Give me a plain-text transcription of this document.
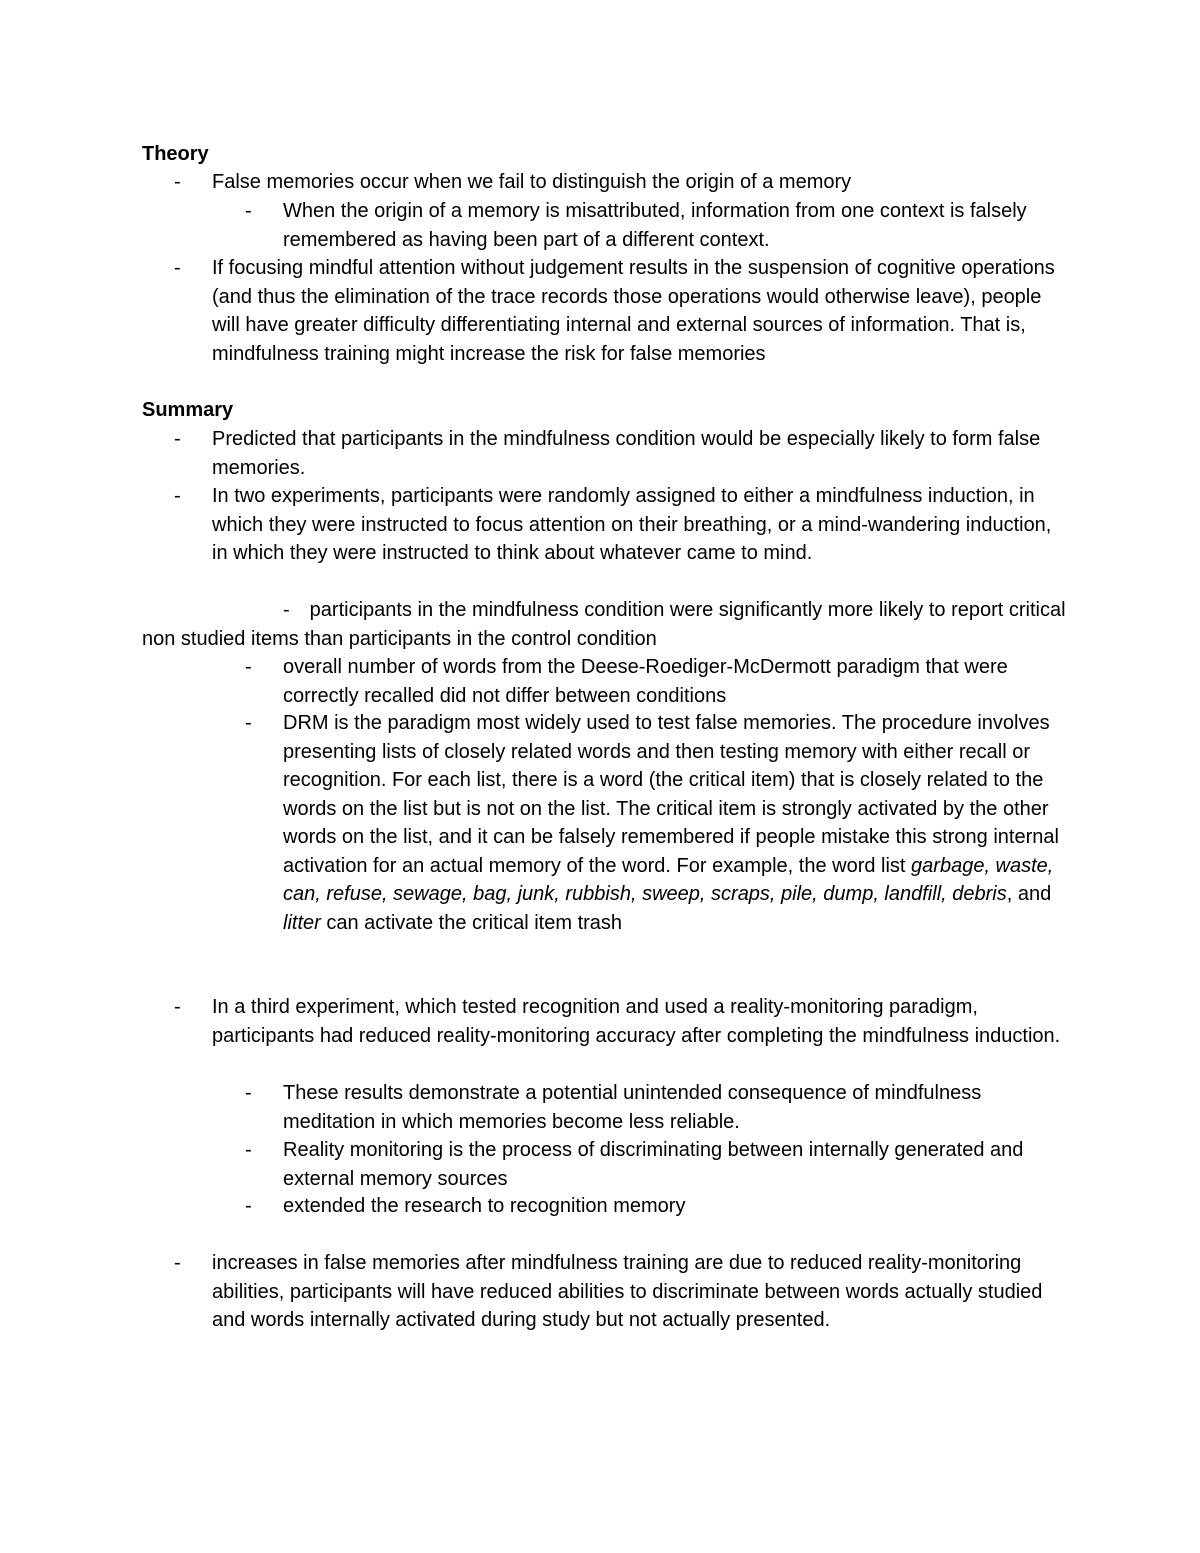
Theory
- False memories occur when we fail to distinguish the origin of a memory
- When the origin of a memory is misattributed, information from one context is falsely remembered as having been part of a different context.
- If focusing mindful attention without judgement results in the suspension of cognitive operations (and thus the elimination of the trace records those operations would otherwise leave), people will have greater difficulty differentiating internal and external sources of information. That is, mindfulness training might increase the risk for false memories
Summary
- Predicted that participants in the mindfulness condition would be especially likely to form false memories.
- In two experiments, participants were randomly assigned to either a mindfulness induction, in which they were instructed to focus attention on their breathing, or a mind-wandering induction, in which they were instructed to think about whatever came to mind.
- participants in the mindfulness condition were significantly more likely to report critical non studied items than participants in the control condition
- overall number of words from the Deese-Roediger-McDermott paradigm that were correctly recalled did not differ between conditions
- DRM is the paradigm most widely used to test false memories. The procedure involves presenting lists of closely related words and then testing memory with either recall or recognition. For each list, there is a word (the critical item) that is closely related to the words on the list but is not on the list. The critical item is strongly activated by the other words on the list, and it can be falsely remembered if people mistake this strong internal activation for an actual memory of the word. For example, the word list garbage, waste, can, refuse, sewage, bag, junk, rubbish, sweep, scraps, pile, dump, landfill, debris, and litter can activate the critical item trash
- In a third experiment, which tested recognition and used a reality-monitoring paradigm, participants had reduced reality-monitoring accuracy after completing the mindfulness induction.
- These results demonstrate a potential unintended consequence of mindfulness meditation in which memories become less reliable.
- Reality monitoring is the process of discriminating between internally generated and external memory sources
- extended the research to recognition memory
- increases in false memories after mindfulness training are due to reduced reality-monitoring abilities, participants will have reduced abilities to discriminate between words actually studied and words internally activated during study but not actually presented.
